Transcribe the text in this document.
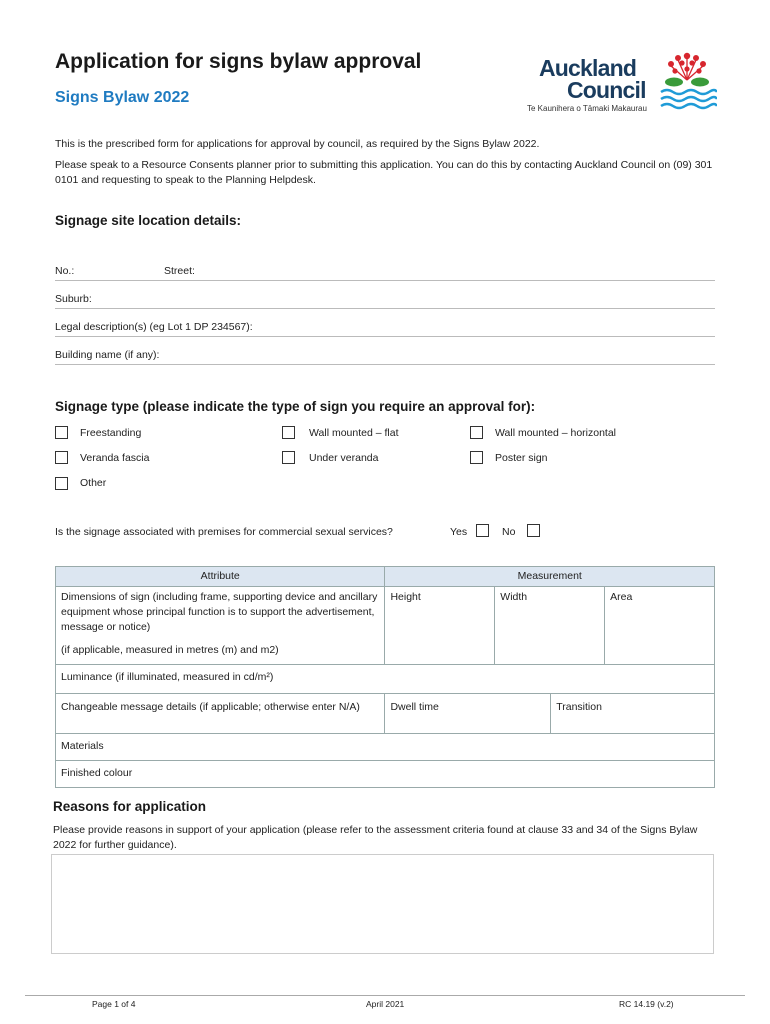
Application for signs bylaw approval
Signs Bylaw 2022
Auckland
Council
Te Kaunihera o Tāmaki Makaurau
This is the prescribed form for applications for approval by council, as required by the Signs Bylaw 2022.
Please speak to a Resource Consents planner prior to submitting this application. You can do this by contacting Auckland Council on (09) 301 0101 and requesting to speak to the Planning Helpdesk.
Signage site location details:
No.:	Street:
Suburb:
Legal description(s) (eg Lot 1 DP 234567):
Building name (if any):
Signage type (please indicate the type of sign you require an approval for):
Freestanding	Wall mounted – flat	Wall mounted – horizontal
Veranda fascia	Under veranda	Poster sign
Other
Is the signage associated with premises for commercial sexual services?	Yes	No
Attribute	Measurement			
Dimensions of sign (including frame, supporting device and ancillary equipment whose principal function is to support the advertisement, message or notice)	Height	Width		Area
(if applicable, measured in metres (m) and m2)				
Luminance (if illuminated, measured in cd/m²)				
Changeable message details (if applicable; otherwise enter N/A)	Dwell time		Transition	
Materials				
Finished colour				
Reasons for application
Please provide reasons in support of your application (please refer to the assessment criteria found at clause 33 and 34 of the Signs Bylaw 2022 for further guidance).
Page 1 of 4	April 2021	RC 14.19 (v.2)
